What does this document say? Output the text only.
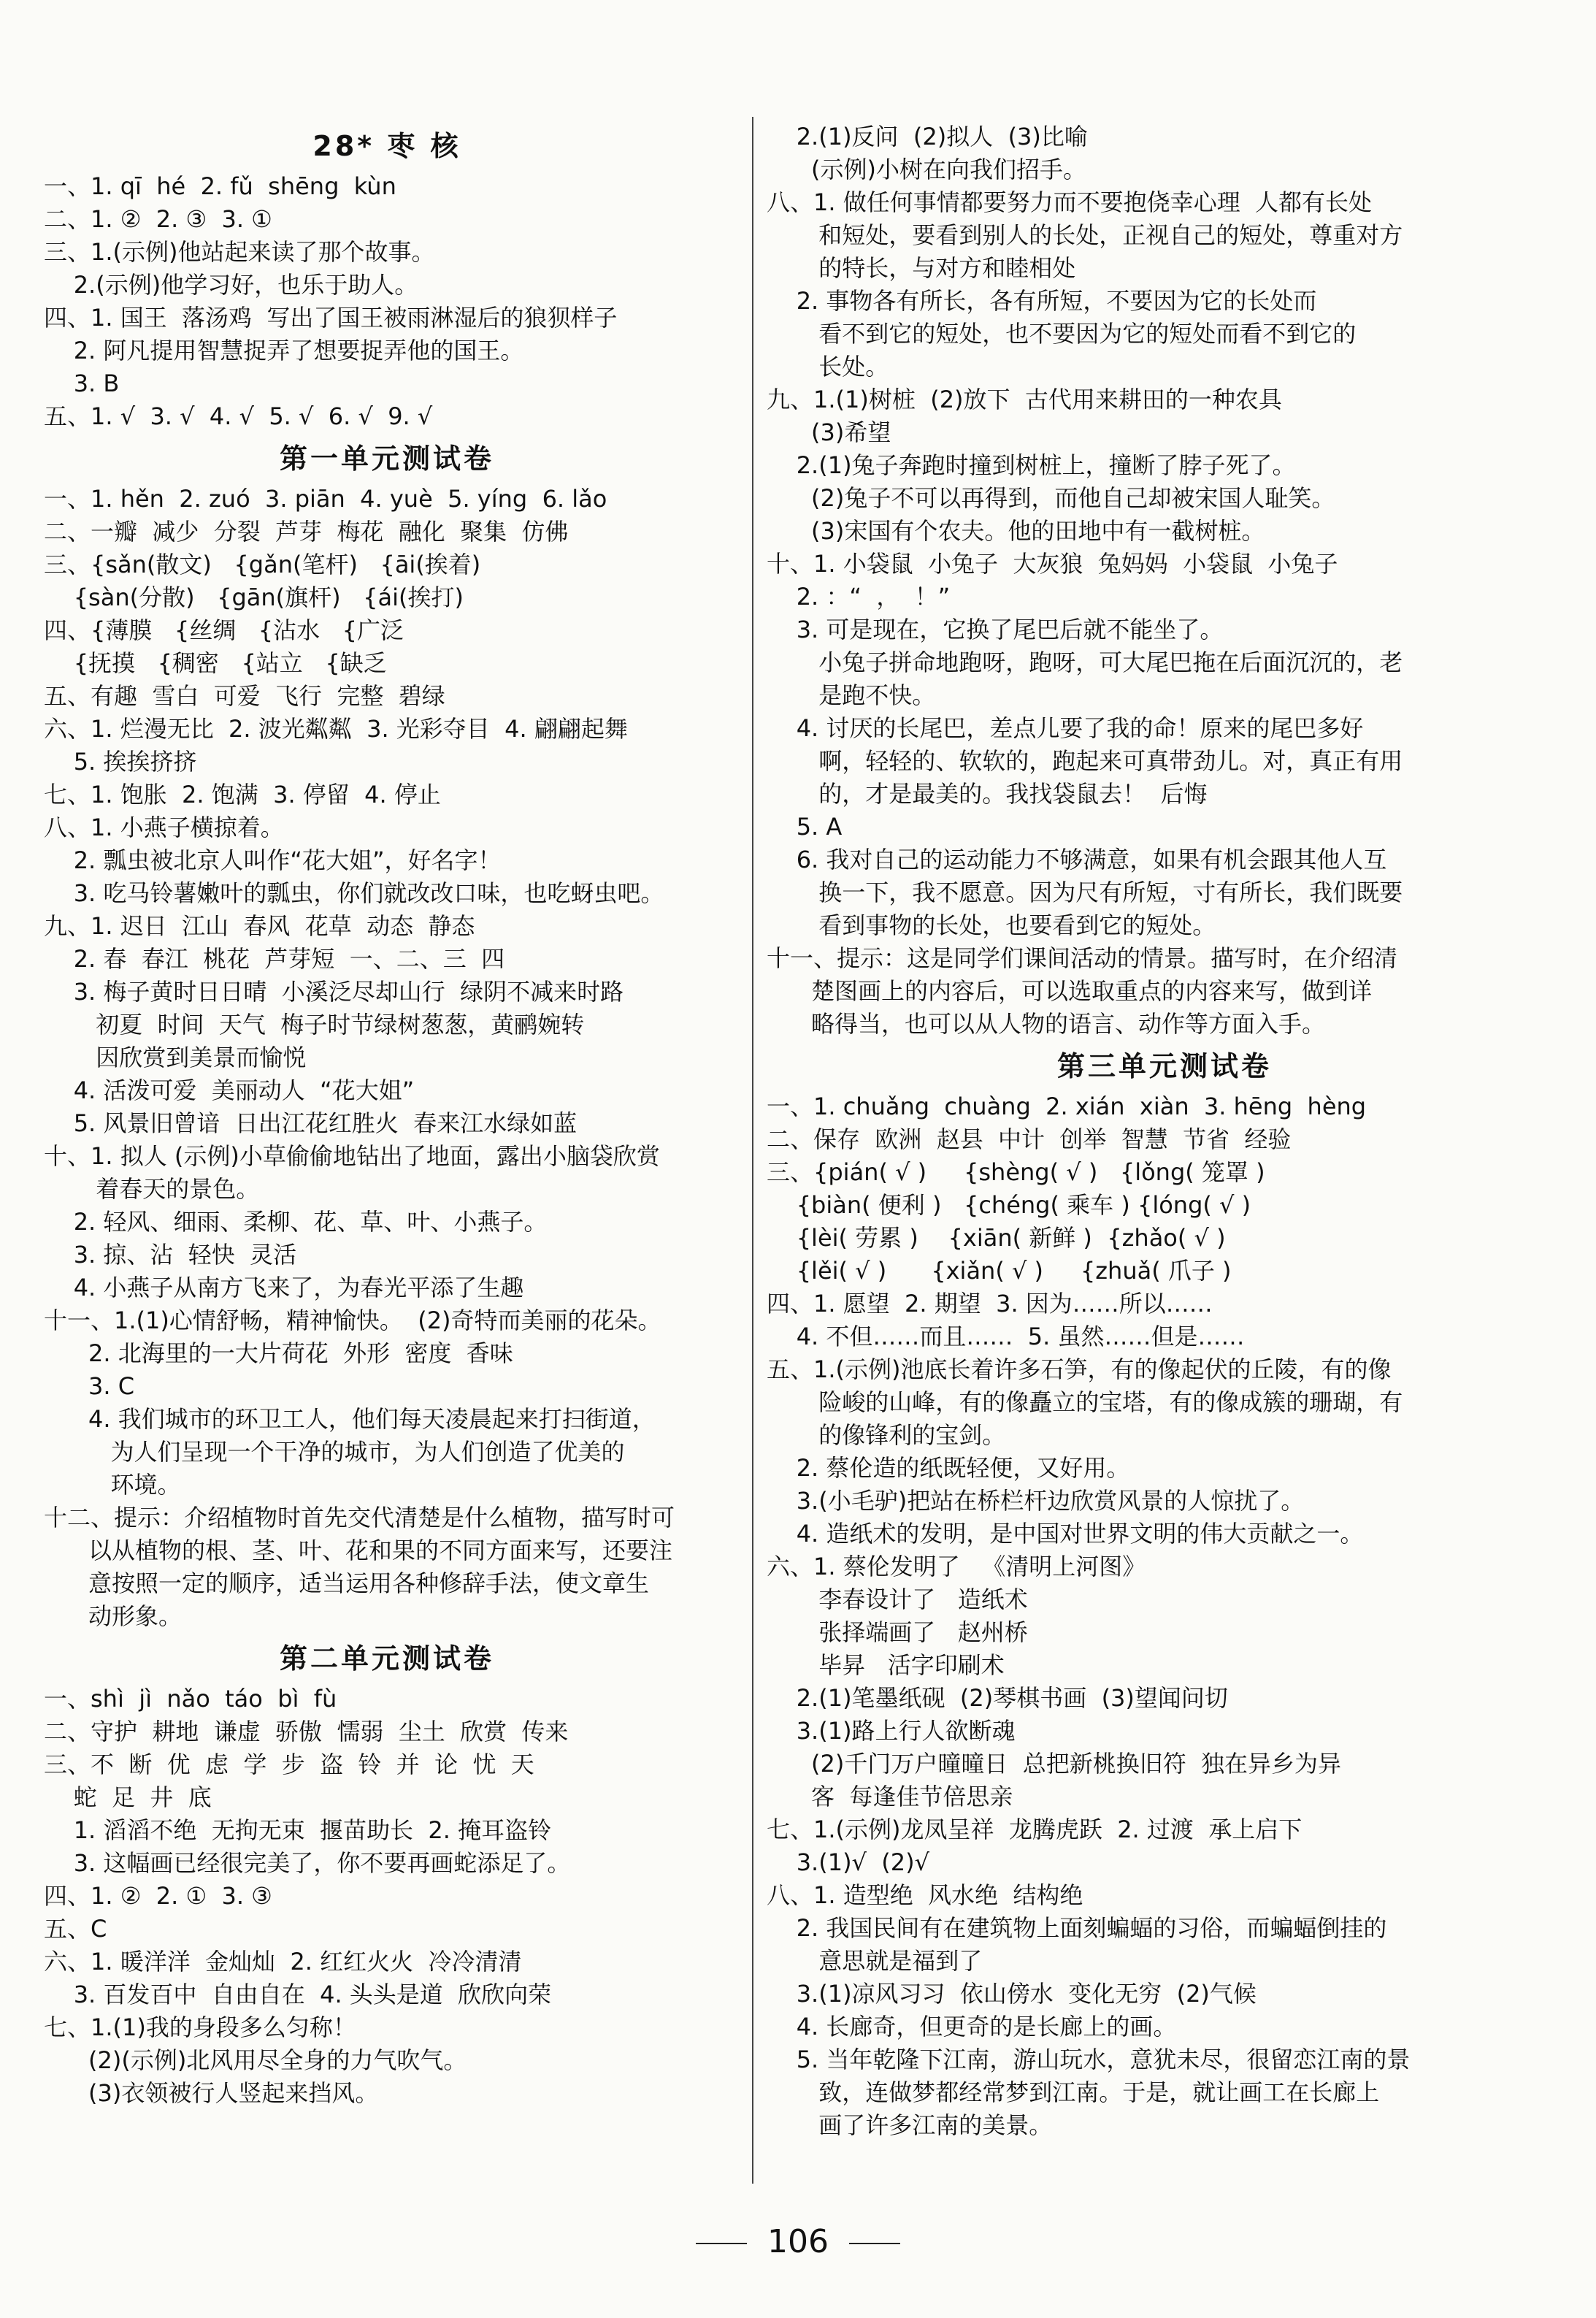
28* 枣 核
一、1. qī  hé  2. fǔ  shēng  kùn
二、1. ②  2. ③  3. ①
三、1.(示例)他站起来读了那个故事。
2.(示例)他学习好，也乐于助人。
四、1. 国王  落汤鸡  写出了国王被雨淋湿后的狼狈样子
2. 阿凡提用智慧捉弄了想要捉弄他的国王。
3. B
五、1. √  3. √  4. √  5. √  6. √  9. √
第一单元测试卷
一、1. hěn  2. zuó  3. piān  4. yuè  5. yíng  6. lǎo
二、一瓣  减少  分裂  芦芽  梅花  融化  聚集  仿佛
三、{sǎn(散文)   {gǎn(笔杆)   {āi(挨着)
{sàn(分散)   {gān(旗杆)   {ái(挨打)
四、{薄膜   {丝绸   {沾水   {广泛
{抚摸   {稠密   {站立   {缺乏
五、有趣  雪白  可爱  飞行  完整  碧绿
六、1. 烂漫无比  2. 波光粼粼  3. 光彩夺目  4. 翩翩起舞
5. 挨挨挤挤
七、1. 饱胀  2. 饱满  3. 停留  4. 停止
八、1. 小燕子横掠着。
2. 瓢虫被北京人叫作“花大姐”，好名字！
3. 吃马铃薯嫩叶的瓢虫，你们就改改口味，也吃蚜虫吧。
九、1. 迟日  江山  春风  花草  动态  静态
2. 春  春江  桃花  芦芽短  一、二、三  四
3. 梅子黄时日日晴  小溪泛尽却山行  绿阴不减来时路
初夏  时间  天气  梅子时节绿树葱葱，黄鹂婉转
因欣赏到美景而愉悦
4. 活泼可爱  美丽动人  “花大姐”
5. 风景旧曾谙  日出江花红胜火  春来江水绿如蓝
十、1. 拟人 (示例)小草偷偷地钻出了地面，露出小脑袋欣赏
着春天的景色。
2. 轻风、细雨、柔柳、花、草、叶、小燕子。
3. 掠、沾  轻快  灵活
4. 小燕子从南方飞来了，为春光平添了生趣
十一、1.(1)心情舒畅，精神愉快。  (2)奇特而美丽的花朵。
2. 北海里的一大片荷花  外形  密度  香味
3. C
4. 我们城市的环卫工人，他们每天凌晨起来打扫街道，
为人们呈现一个干净的城市，为人们创造了优美的
环境。
十二、提示：介绍植物时首先交代清楚是什么植物，描写时可
以从植物的根、茎、叶、花和果的不同方面来写，还要注
意按照一定的顺序，适当运用各种修辞手法，使文章生
动形象。
第二单元测试卷
一、shì  jì  nǎo  táo  bì  fù
二、守护  耕地  谦虚  骄傲  懦弱  尘土  欣赏  传来
三、不  断  优  虑  学  步  盗  铃  并  论  忧  天
蛇  足  井  底
1. 滔滔不绝  无拘无束  揠苗助长  2. 掩耳盗铃
3. 这幅画已经很完美了，你不要再画蛇添足了。
四、1. ②  2. ①  3. ③
五、C
六、1. 暖洋洋  金灿灿  2. 红红火火  冷冷清清
3. 百发百中  自由自在  4. 头头是道  欣欣向荣
七、1.(1)我的身段多么匀称！
(2)(示例)北风用尽全身的力气吹气。
(3)衣领被行人竖起来挡风。
2.(1)反问  (2)拟人  (3)比喻
(示例)小树在向我们招手。
八、1. 做任何事情都要努力而不要抱侥幸心理  人都有长处
和短处，要看到别人的长处，正视自己的短处，尊重对方
的特长，与对方和睦相处
2. 事物各有所长，各有所短，不要因为它的长处而
看不到它的短处，也不要因为它的短处而看不到它的
长处。
九、1.(1)树桩  (2)放下  古代用来耕田的一种农具
(3)希望
2.(1)兔子奔跑时撞到树桩上，撞断了脖子死了。
(2)兔子不可以再得到，而他自己却被宋国人耻笑。
(3)宋国有个农夫。他的田地中有一截树桩。
十、1. 小袋鼠  小兔子  大灰狼  兔妈妈  小袋鼠  小兔子
2. ：“  ，  ！”
3. 可是现在，它换了尾巴后就不能坐了。
小兔子拼命地跑呀，跑呀，可大尾巴拖在后面沉沉的，老
是跑不快。
4. 讨厌的长尾巴，差点儿要了我的命！原来的尾巴多好
啊，轻轻的、软软的，跑起来可真带劲儿。对，真正有用
的，才是最美的。我找袋鼠去！  后悔
5. A
6. 我对自己的运动能力不够满意，如果有机会跟其他人互
换一下，我不愿意。因为尺有所短，寸有所长，我们既要
看到事物的长处，也要看到它的短处。
十一、提示：这是同学们课间活动的情景。描写时，在介绍清
楚图画上的内容后，可以选取重点的内容来写，做到详
略得当，也可以从人物的语言、动作等方面入手。
第三单元测试卷
一、1. chuǎng  chuàng  2. xián  xiàn  3. hēng  hèng
二、保存  欧洲  赵县  中计  创举  智慧  节省  经验
三、{pián( √ )     {shèng( √ )   {lǒng( 笼罩 )
{biàn( 便利 )   {chéng( 乘车 ) {lóng( √ )
{lèi( 劳累 )    {xiān( 新鲜 )  {zhǎo( √ )
{lěi( √ )      {xiǎn( √ )     {zhuǎ( 爪子 )
四、1. 愿望  2. 期望  3. 因为……所以……
4. 不但……而且……  5. 虽然……但是……
五、1.(示例)池底长着许多石笋，有的像起伏的丘陵，有的像
险峻的山峰，有的像矗立的宝塔，有的像成簇的珊瑚，有
的像锋利的宝剑。
2. 蔡伦造的纸既轻便，又好用。
3.(小毛驴)把站在桥栏杆边欣赏风景的人惊扰了。
4. 造纸术的发明，是中国对世界文明的伟大贡献之一。
六、1. 蔡伦发明了   《清明上河图》
李春设计了   造纸术
张择端画了   赵州桥
毕昇   活字印刷术
2.(1)笔墨纸砚  (2)琴棋书画  (3)望闻问切
3.(1)路上行人欲断魂
(2)千门万户曈曈日  总把新桃换旧符  独在异乡为异
客  每逢佳节倍思亲
七、1.(示例)龙凤呈祥  龙腾虎跃  2. 过渡  承上启下
3.(1)√  (2)√
八、1. 造型绝  风水绝  结构绝
2. 我国民间有在建筑物上面刻蝙蝠的习俗，而蝙蝠倒挂的
意思就是福到了
3.(1)凉风习习  依山傍水  变化无穷  (2)气候
4. 长廊奇，但更奇的是长廊上的画。
5. 当年乾隆下江南，游山玩水，意犹未尽，很留恋江南的景
致，连做梦都经常梦到江南。于是，就让画工在长廊上
画了许多江南的美景。
106
